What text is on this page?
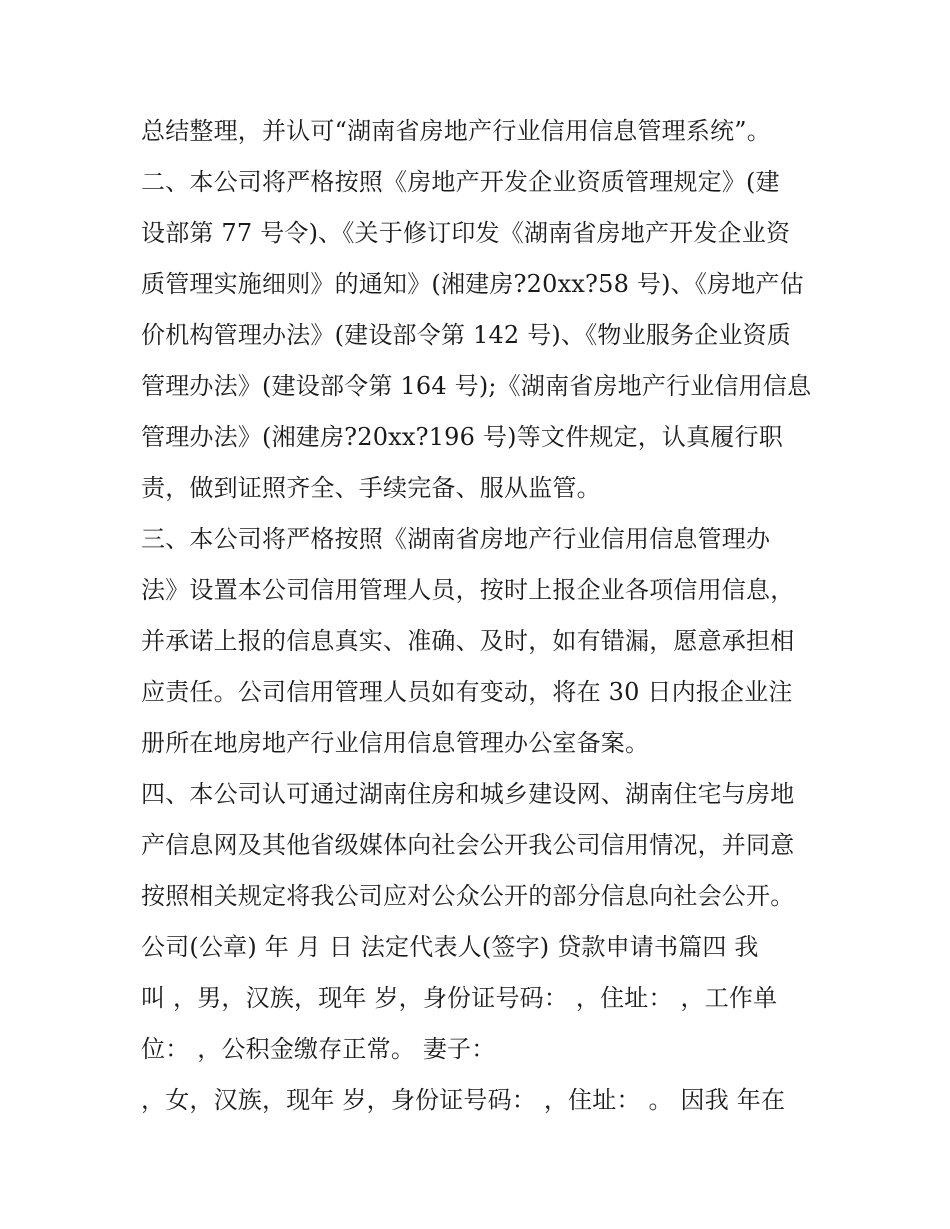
总结整理，并认可“湖南省房地产行业信用信息管理系统”。
二、本公司将严格按照《房地产开发企业资质管理规定》(建
设部第 77 号令)、《关于修订印发《湖南省房地产开发企业资
质管理实施细则》的通知》(湘建房?20xx?58 号)、《房地产估
价机构管理办法》(建设部令第 142 号)、《物业服务企业资质
管理办法》(建设部令第 164 号);《湖南省房地产行业信用信息
管理办法》(湘建房?20xx?196 号)等文件规定，认真履行职
责，做到证照齐全、手续完备、服从监管。
三、本公司将严格按照《湖南省房地产行业信用信息管理办
法》设置本公司信用管理人员，按时上报企业各项信用信息，
并承诺上报的信息真实、准确、及时，如有错漏，愿意承担相
应责任。公司信用管理人员如有变动，将在 30 日内报企业注
册所在地房地产行业信用信息管理办公室备案。
四、本公司认可通过湖南住房和城乡建设网、湖南住宅与房地
产信息网及其他省级媒体向社会公开我公司信用情况，并同意
按照相关规定将我公司应对公众公开的部分信息向社会公开。
公司(公章) 年 月 日 法定代表人(签字) 贷款申请书篇四 我
叫 ，男，汉族，现年 岁，身份证号码： ，住址： ，工作单
位： ，公积金缴存正常。 妻子：
，女，汉族，现年 岁，身份证号码： ，住址： 。 因我 年在
